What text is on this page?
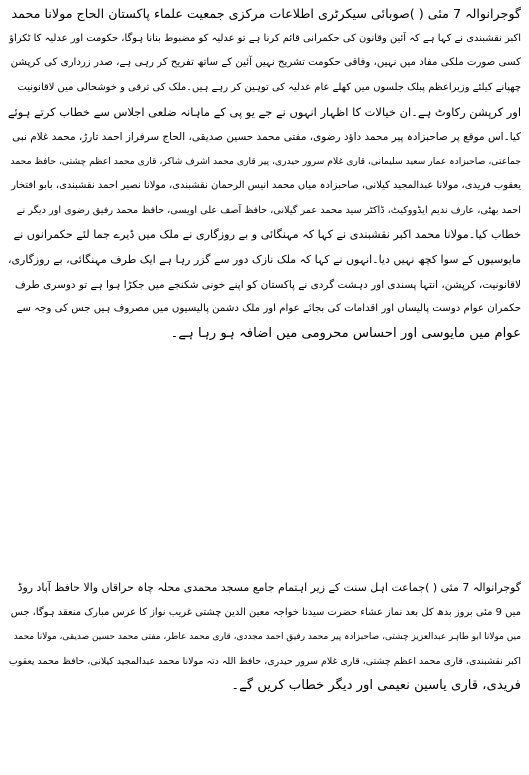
گوجرانوالہ 7 مئی ( )صوبائی سیکرٹری اطلاعات مرکزی جمعیت علماء پاکستان الحاج مولانا محمد
اکبر نقشبندی نے کہا ہے کہ آئین وقانون کی حکمرانی قائم کرنا ہے تو عدلیہ کو مضبوط بنانا ہوگا، حکومت اور عدلیہ کا ٹکراؤ
کسی صورت ملکی مفاد میں نہیں، وفاقی حکومت تشریح نہیں آئین کے ساتھ تفریح کر رہی ہے، صدر زرداری کی کرپشن
چھپانے کیلئے وزیراعظم پبلک جلسوں میں کھلے عام عدلیہ کی توہین کر رہے ہیں۔ملک کی ترقی و خوشحالی میں لاقانونیت
اور کرپشن رکاوٹ ہے۔ان خیالات کا اظہار انہوں نے جے یو پی کے ماہانہ ضلعی اجلاس سے خطاب کرتے ہوئے
کیا۔اس موقع پر صاحبزادہ پیر محمد داؤد رضوی، مفتی محمد حسین صدیقی، الحاج سرفراز احمد تارڑ، محمد غلام نبی
جماعتی، صاحبزادہ عمار سعید سلیمانی، قاری غلام سرور حیدری، پیر قاری محمد اشرف شاکر، قاری محمد اعظم چشتی، حافظ محمد
یعقوب فریدی، مولانا عبدالمجید کیلانی، صاحبزادہ میاں محمد انیس الرحمان نقشبندی، مولانا نصیر احمد نقشبندی، بابو افتخار
احمد بھٹی، عارف ندیم ایڈووکیٹ، ڈاکٹر سید محمد عمر گیلانی، حافظ آصف علی اویسی، حافظ محمد رفیق رضوی اور دیگر نے
خطاب کیا۔مولانا محمد اکبر نقشبندی نے کہا کہ مہنگائی و بے روزگاری نے ملک میں ڈیرے جما لئے حکمرانوں نے
مایوسیوں کے سوا کچھ نہیں دیا۔انہوں نے کہا کہ ملک نازک دور سے گزر رہا ہے ایک طرف مہنگائی، بے روزگاری،
لاقانونیت، کرپشن، انتہا پسندی اور دہشت گردی نے پاکستان کو اپنے خونی شکنجے میں جکڑا ہوا ہے تو دوسری طرف
حکمران عوام دوست پالیساں اور اقدامات کی بجائے عوام اور ملک دشمن پالیسیوں میں مصروف ہیں جس کی وجہ سے
عوام میں مایوسی اور احساس محرومی میں اضافہ ہو رہا ہے۔
گوجرانوالہ 7 مئی ( )جماعت اہل سنت کے زیر اہتمام جامع مسجد محمدی محلہ چاہ حراقاں والا حافظ آباد روڈ
میں 9 مئی بروز بدھ کل بعد نماز عشاء حضرت سیدنا خواجہ معین الدین چشتی غریب نواز کا عرس مبارک منعقد ہوگا، جس
میں مولانا ابو طاہر عبدالعزیز چشتی، صاحبزادہ پیر محمد رفیق احمد مجددی، قاری محمد عاطر، مفتی محمد حسین صدیقی، مولانا محمد
اکبر نقشبندی، قاری محمد اعظم چشتی، قاری غلام سرور حیدری، حافظ اللہ دتہ مولانا محمد عبدالمجید کیلانی، حافظ محمد یعقوب
فریدی، قاری یاسین نعیمی اور دیگر خطاب کریں گے۔
